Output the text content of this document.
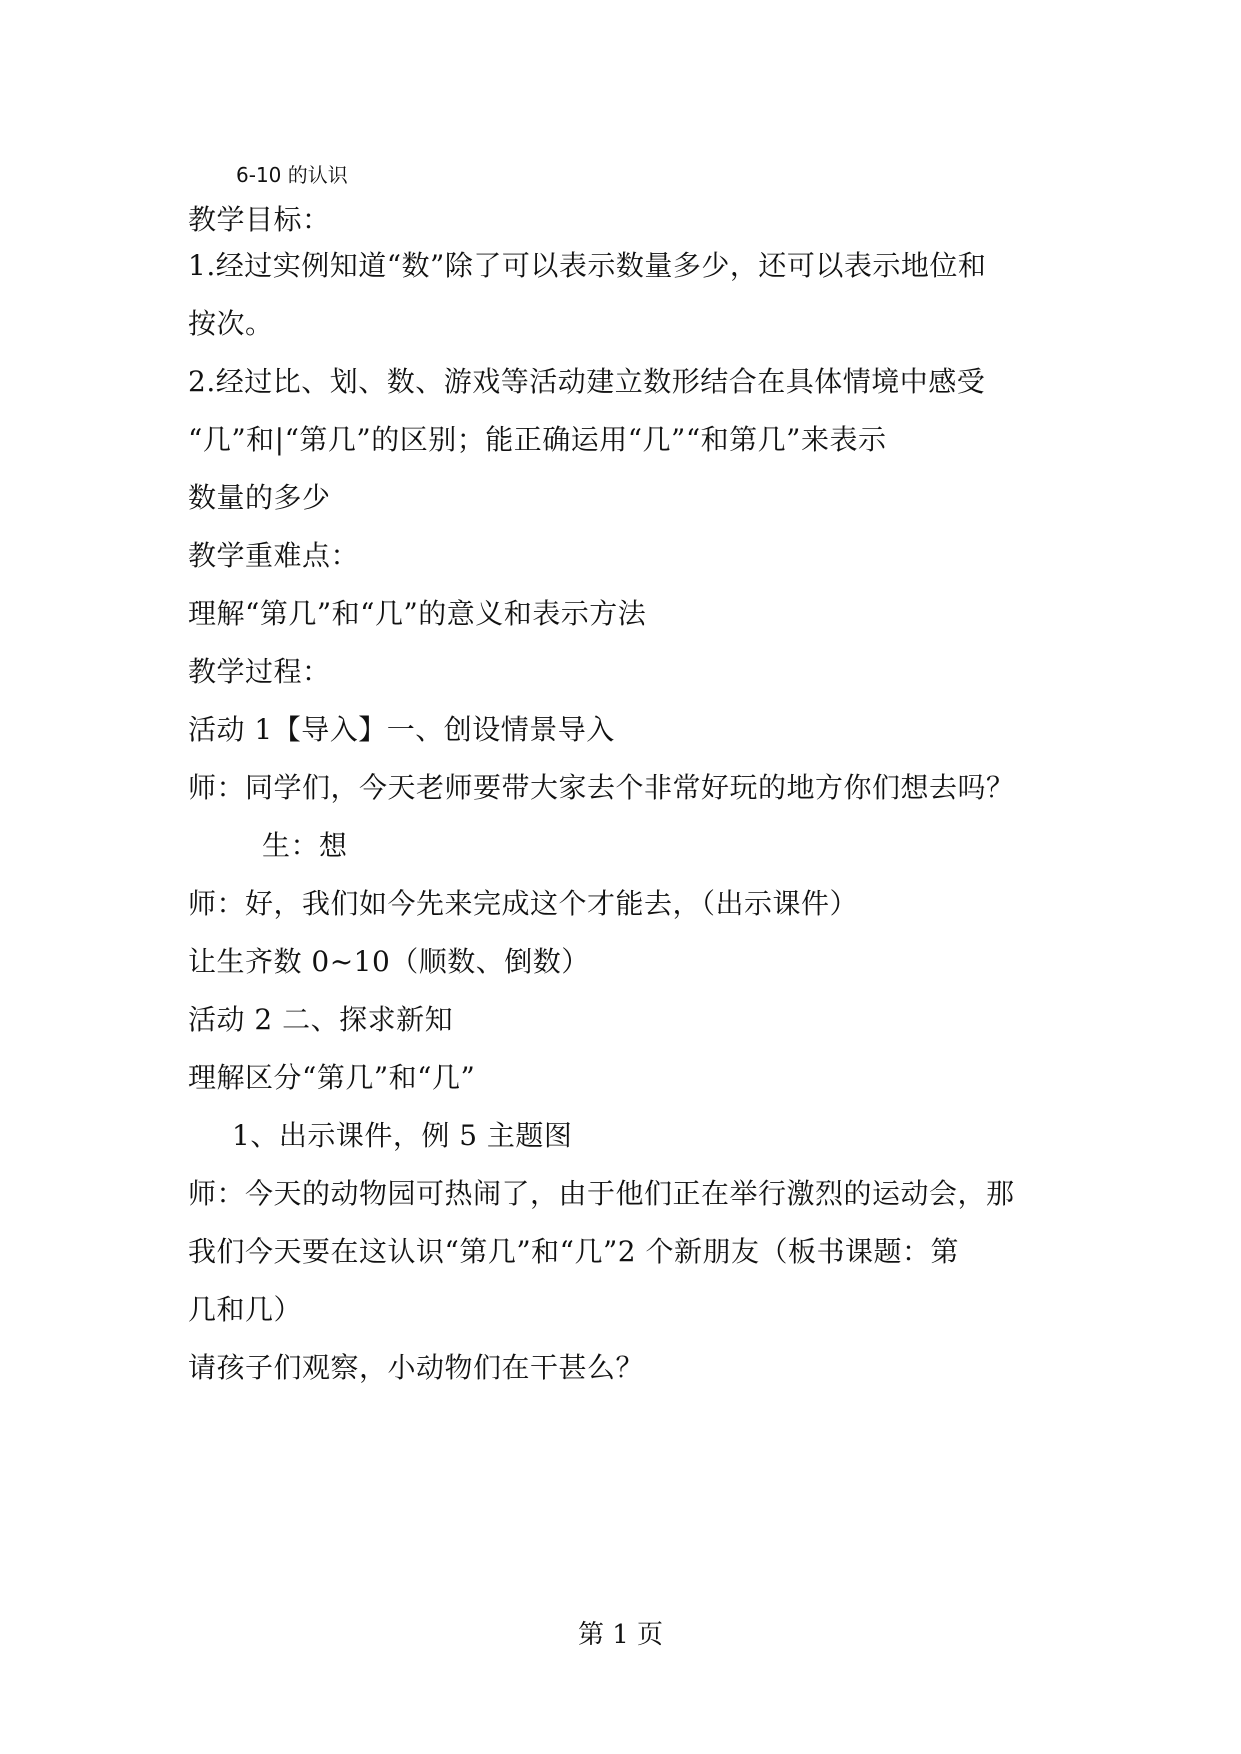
6-10 的认识
教学目标：
1.经过实例知道“数”除了可以表示数量多少，还可以表示地位和
按次。
2.经过比、划、数、游戏等活动建立数形结合在具体情境中感受
“几”和|“第几”的区别；能正确运用“几”“和第几”来表示
数量的多少
教学重难点：
理解“第几”和“几”的意义和表示方法
教学过程：
活动 1【导入】一、创设情景导入
师：同学们，今天老师要带大家去个非常好玩的地方你们想去吗？
生：想
师：好，我们如今先来完成这个才能去，（出示课件）
让生齐数 0~10（顺数、倒数）
活动 2 二、探求新知
理解区分“第几”和“几”
1、出示课件，例 5 主题图
师：今天的动物园可热闹了，由于他们正在举行激烈的运动会，那
我们今天要在这认识“第几”和“几”2 个新朋友（板书课题：第
几和几）
请孩子们观察，小动物们在干甚么？
第 1 页
